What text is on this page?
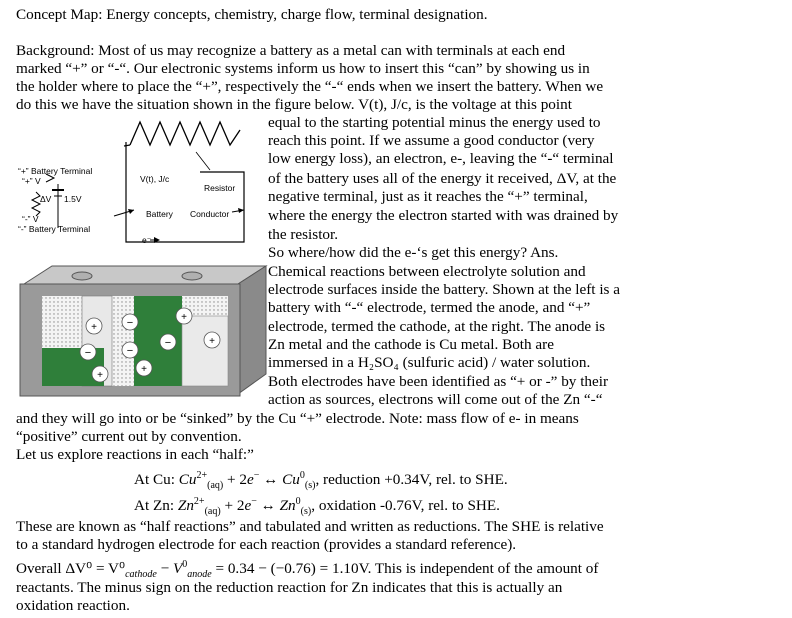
Concept Map: Energy concepts, chemistry, charge flow, terminal designation.
Background: Most of us may recognize a battery as a metal can with terminals at each end
marked “+” or “-“. Our electronic systems inform us how to insert this “can” by showing us in
the holder where to place the “+”, respectively the “-“ ends when we insert the battery. When we
do this we have the situation shown in the figure below. V(t), J/c, is the voltage at this point
equal to the starting potential minus the energy used to
reach this point. If we assume a good conductor (very
low energy loss), an electron, e-, leaving the “-“ terminal
of the battery uses all of the energy it received, ΔV, at the
negative terminal, just as it reaches the “+” terminal,
where the energy the electron started with was drained by
the resistor.
So where/how did the e-‘s get this energy? Ans.
Chemical reactions between electrolyte solution and
electrode surfaces inside the battery. Shown at the left is a
battery with “-“ electrode, termed the anode, and “+”
electrode, termed the cathode, at the right. The anode is
Zn metal and the cathode is Cu metal. Both are
immersed in a H₂SO₄ (sulfuric acid) / water solution.
Both electrodes have been identified as “+ or -” by their
action as sources, electrons will come out of the Zn “-“
and they will go into or be “sinked” by the Cu “+” electrode. Note: mass flow of e- in means
“positive” current out by convention.
Let us explore reactions in each “half:”
At Cu: $Cu^{2+}_{(aq)} + 2e^-$ ↔ $Cu^0_{(s)}$, reduction +0.34V, rel. to SHE.
At Zn: $Zn^{2+}_{(aq)} + 2e^-$ ↔ $Zn^0_{(s)}$, oxidation -0.76V, rel. to SHE.
These are known as “half reactions” and tabulated and written as reductions. The SHE is relative
to a standard hydrogen electrode for each reaction (provides a standard reference).
Overall $\Delta V^0 = V^0_{cathode} - V^0_{anode} = 0.34 - (-0.76) = 1.10V$. This is independent of the amount of
reactants. The minus sign on the reduction reaction for Zn indicates that this is actually an
oxidation reaction.
“+” Battery Terminal
“+” V
ΔV 1.5V
“-” V
“-” Battery Terminal
V(t), J/c
Resistor
Battery Conductor
e⁻
+
+
+
+
+
−
−
−
−
